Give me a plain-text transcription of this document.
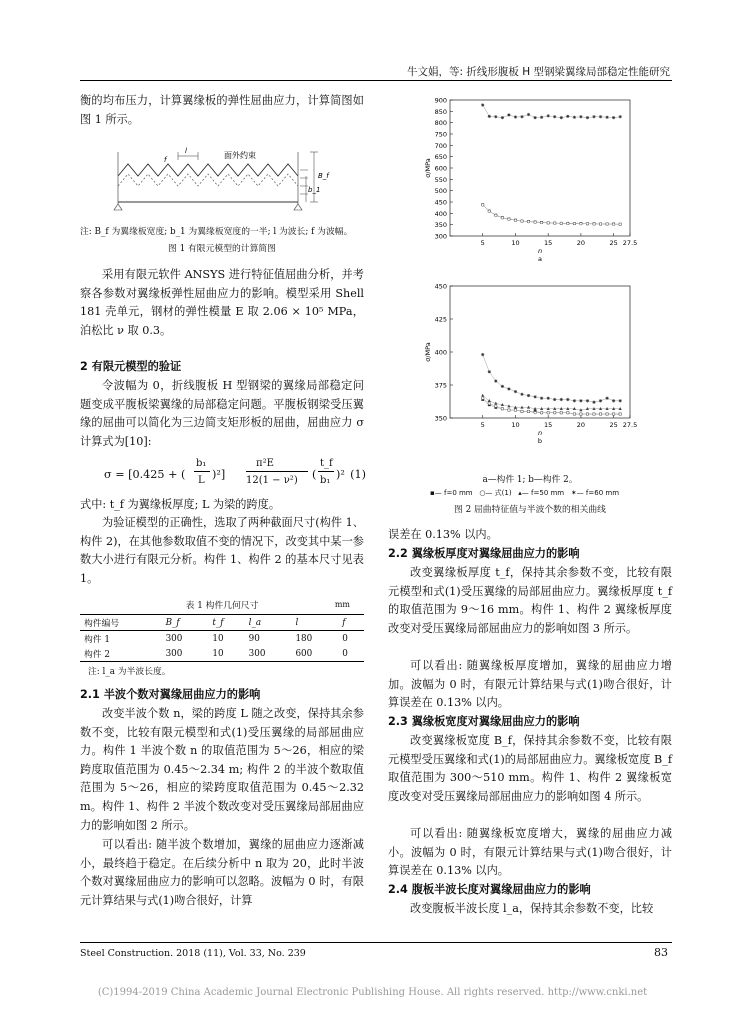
牛文娟，等: 折线形腹板 H 型钢梁翼缘局部稳定性能研究

衡的均布压力，计算翼缘板的弹性屈曲应力，计算简图如图 1 所示。

面外约束
B_f
b_1
f
l
注: B_f 为翼缘板宽度; b_1 为翼缘板宽度的一半; l 为波长; f 为波幅。
图 1 有限元模型的计算简图

采用有限元软件 ANSYS 进行特征值屈曲分析，并考察各参数对翼缘板弹性屈曲应力的影响。模型采用 Shell 181 壳单元，钢材的弹性模量 E 取 2.06 × 10⁵ MPa，泊松比 ν 取 0.3。

2 有限元模型的验证

令波幅为 0，折线腹板 H 型钢梁的翼缘局部稳定问题变成平腹板梁翼缘的局部稳定问题。平腹板钢梁受压翼缘的屈曲可以简化为三边简支矩形板的屈曲，屈曲应力 σ 计算式为[10]:

σ = [0.425 + (
b₁
L )²]
π²E
12(1 − ν²) (
t_f
b₁ )² (1)

式中: t_f 为翼缘板厚度; L 为梁的跨度。

为验证模型的正确性，选取了两种截面尺寸(构件 1、构件 2)，在其他参数取值不变的情况下，改变其中某一参数大小进行有限元分析。构件 1、构件 2 的基本尺寸见表 1。

表 1 构件几何尺寸	mm
构件编号	B_f	t_f	l_a	l	f
构件 1	300	10	90	180	0
构件 2	300	10	300	600	0
注: l_a 为半波长度。
2.1 半波个数对翼缘屈曲应力的影响

改变半波个数 n，梁的跨度 L 随之改变，保持其余参数不变，比较有限元模型和式(1)受压翼缘的局部屈曲应力。构件 1 半波个数 n 的取值范围为 5～26，相应的梁跨度取值范围为 0.45～2.34 m; 构件 2 的半波个数取值范围为 5～26，相应的梁跨度取值范围为 0.45～2.32 m。构件 1、构件 2 半波个数改变对受压翼缘局部屈曲应力的影响如图 2 所示。

可以看出: 随半波个数增加，翼缘的屈曲应力逐渐减小，最终趋于稳定。在后续分析中 n 取为 20，此时半波个数对翼缘屈曲应力的影响可以忽略。波幅为 0 时，有限元计算结果与式(1)吻合很好，计算

300
350
400
450
500
550
600
650
700
750
800
850
900
5	10	15	20	25 27.5
σ/MPa
n
a
350
375
400
425
450
5	10	15	20	25 27.5
σ/MPa
n
b
a—构件 1; b—构件 2。
▪— f=0 mm ○— 式(1) ▴— f=50 mm ✶— f=60 mm
图 2 屈曲特征值与半波个数的相关曲线

误差在 0.13% 以内。

2.2 翼缘板厚度对翼缘屈曲应力的影响

改变翼缘板厚度 t_f，保持其余参数不变，比较有限元模型和式(1)受压翼缘的局部屈曲应力。翼缘板厚度 t_f 的取值范围为 9～16 mm。构件 1、构件 2 翼缘板厚度改变对受压翼缘局部屈曲应力的影响如图 3 所示。

可以看出: 随翼缘板厚度增加，翼缘的屈曲应力增加。波幅为 0 时，有限元计算结果与式(1)吻合很好，计算误差在 0.13% 以内。

2.3 翼缘板宽度对翼缘屈曲应力的影响

改变翼缘板宽度 B_f，保持其余参数不变，比较有限元模型受压翼缘和式(1)的局部屈曲应力。翼缘板宽度 B_f 取值范围为 300～510 mm。构件 1、构件 2 翼缘板宽度改变对受压翼缘局部屈曲应力的影响如图 4 所示。

可以看出: 随翼缘板宽度增大，翼缘的屈曲应力减小。波幅为 0 时，有限元计算结果与式(1)吻合很好，计算误差在 0.13% 以内。

2.4 腹板半波长度对翼缘屈曲应力的影响

改变腹板半波长度 l_a，保持其余参数不变，比较

Steel Construction. 2018 (11), Vol. 33, No. 239	83
(C)1994-2019 China Academic Journal Electronic Publishing House. All rights reserved. http://www.cnki.net
